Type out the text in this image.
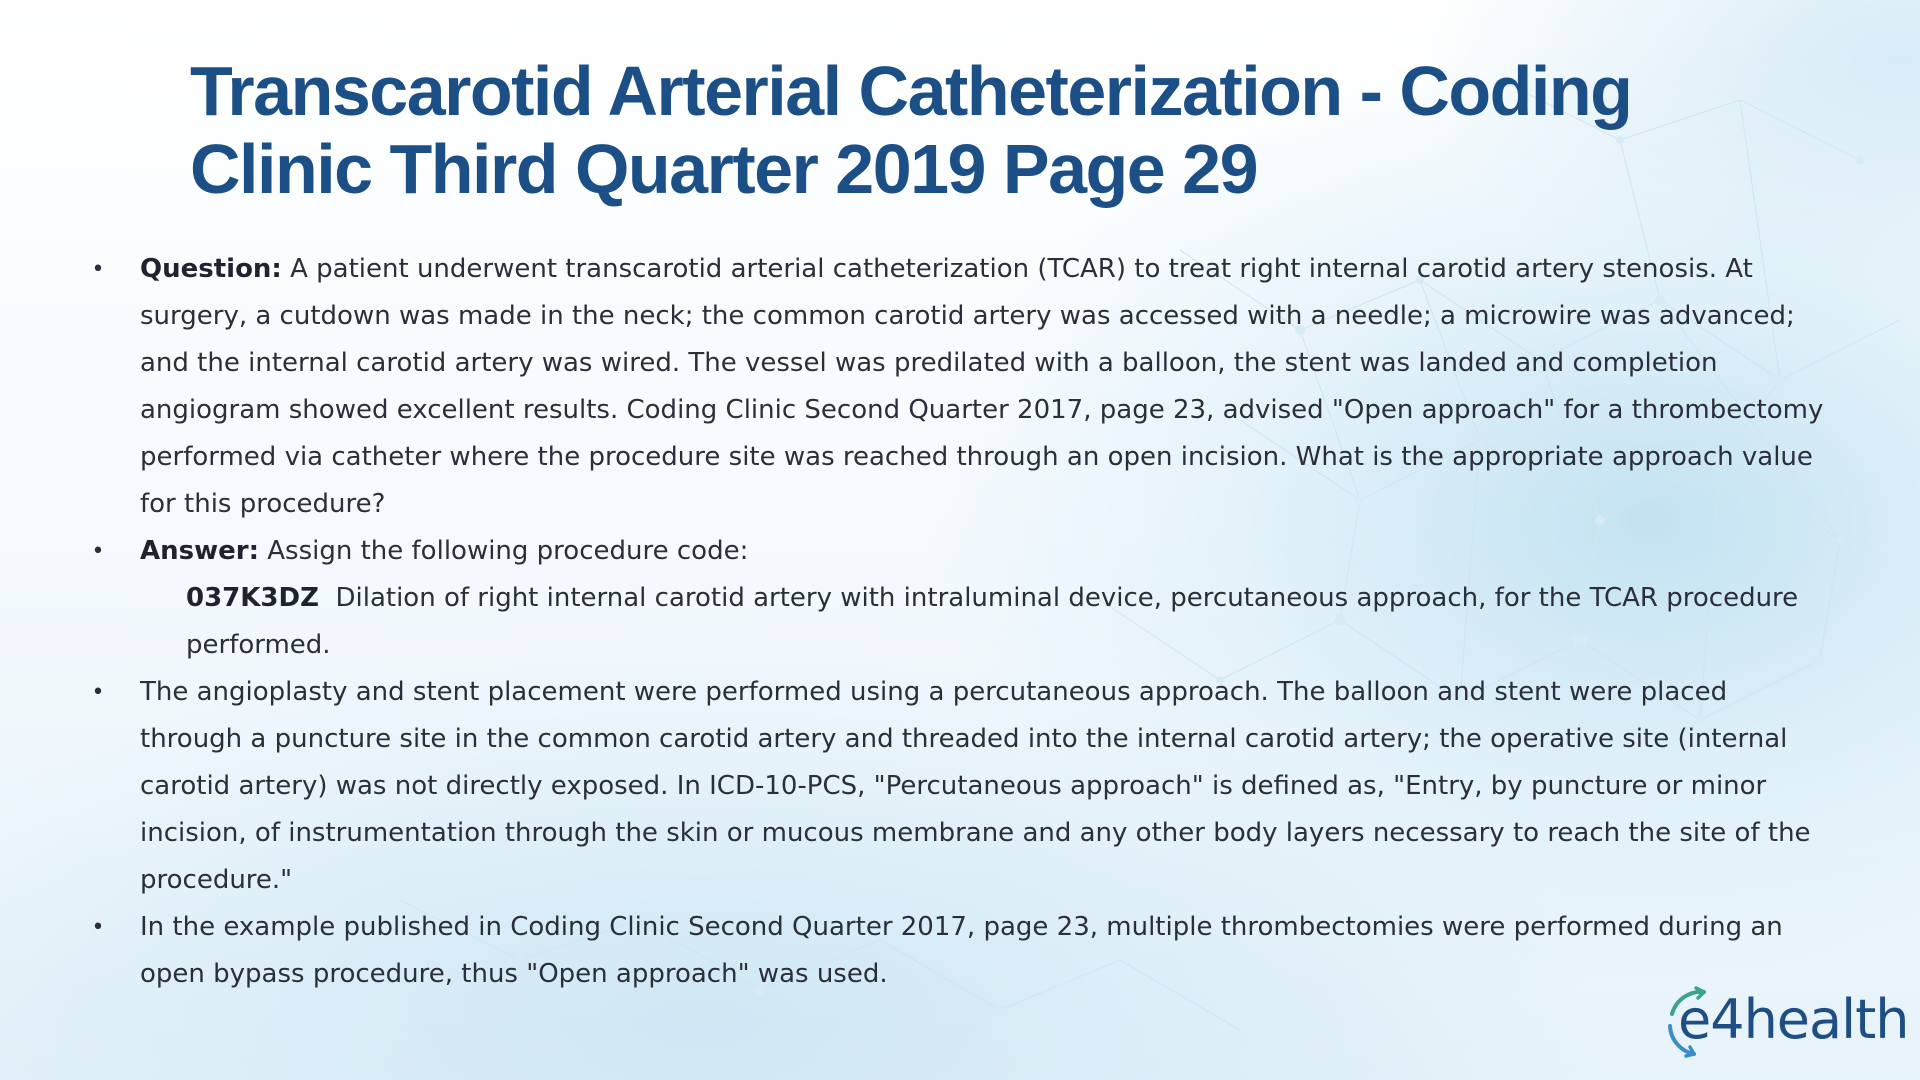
Transcarotid Arterial Catheterization - Coding Clinic Third Quarter 2019 Page 29
• Question: A patient underwent transcarotid arterial catheterization (TCAR) to treat right internal carotid artery stenosis. At surgery, a cutdown was made in the neck; the common carotid artery was accessed with a needle; a microwire was advanced; and the internal carotid artery was wired. The vessel was predilated with a balloon, the stent was landed and completion angiogram showed excellent results. Coding Clinic Second Quarter 2017, page 23, advised "Open approach" for a thrombectomy performed via catheter where the procedure site was reached through an open incision. What is the appropriate approach value for this procedure?
• Answer: Assign the following procedure code:
037K3DZ  Dilation of right internal carotid artery with intraluminal device, percutaneous approach, for the TCAR procedure performed.
• The angioplasty and stent placement were performed using a percutaneous approach. The balloon and stent were placed through a puncture site in the common carotid artery and threaded into the internal carotid artery; the operative site (internal carotid artery) was not directly exposed. In ICD-10-PCS, "Percutaneous approach" is defined as, "Entry, by puncture or minor incision, of instrumentation through the skin or mucous membrane and any other body layers necessary to reach the site of the procedure."
• In the example published in Coding Clinic Second Quarter 2017, page 23, multiple thrombectomies were performed during an open bypass procedure, thus "Open approach" was used.
e4health
